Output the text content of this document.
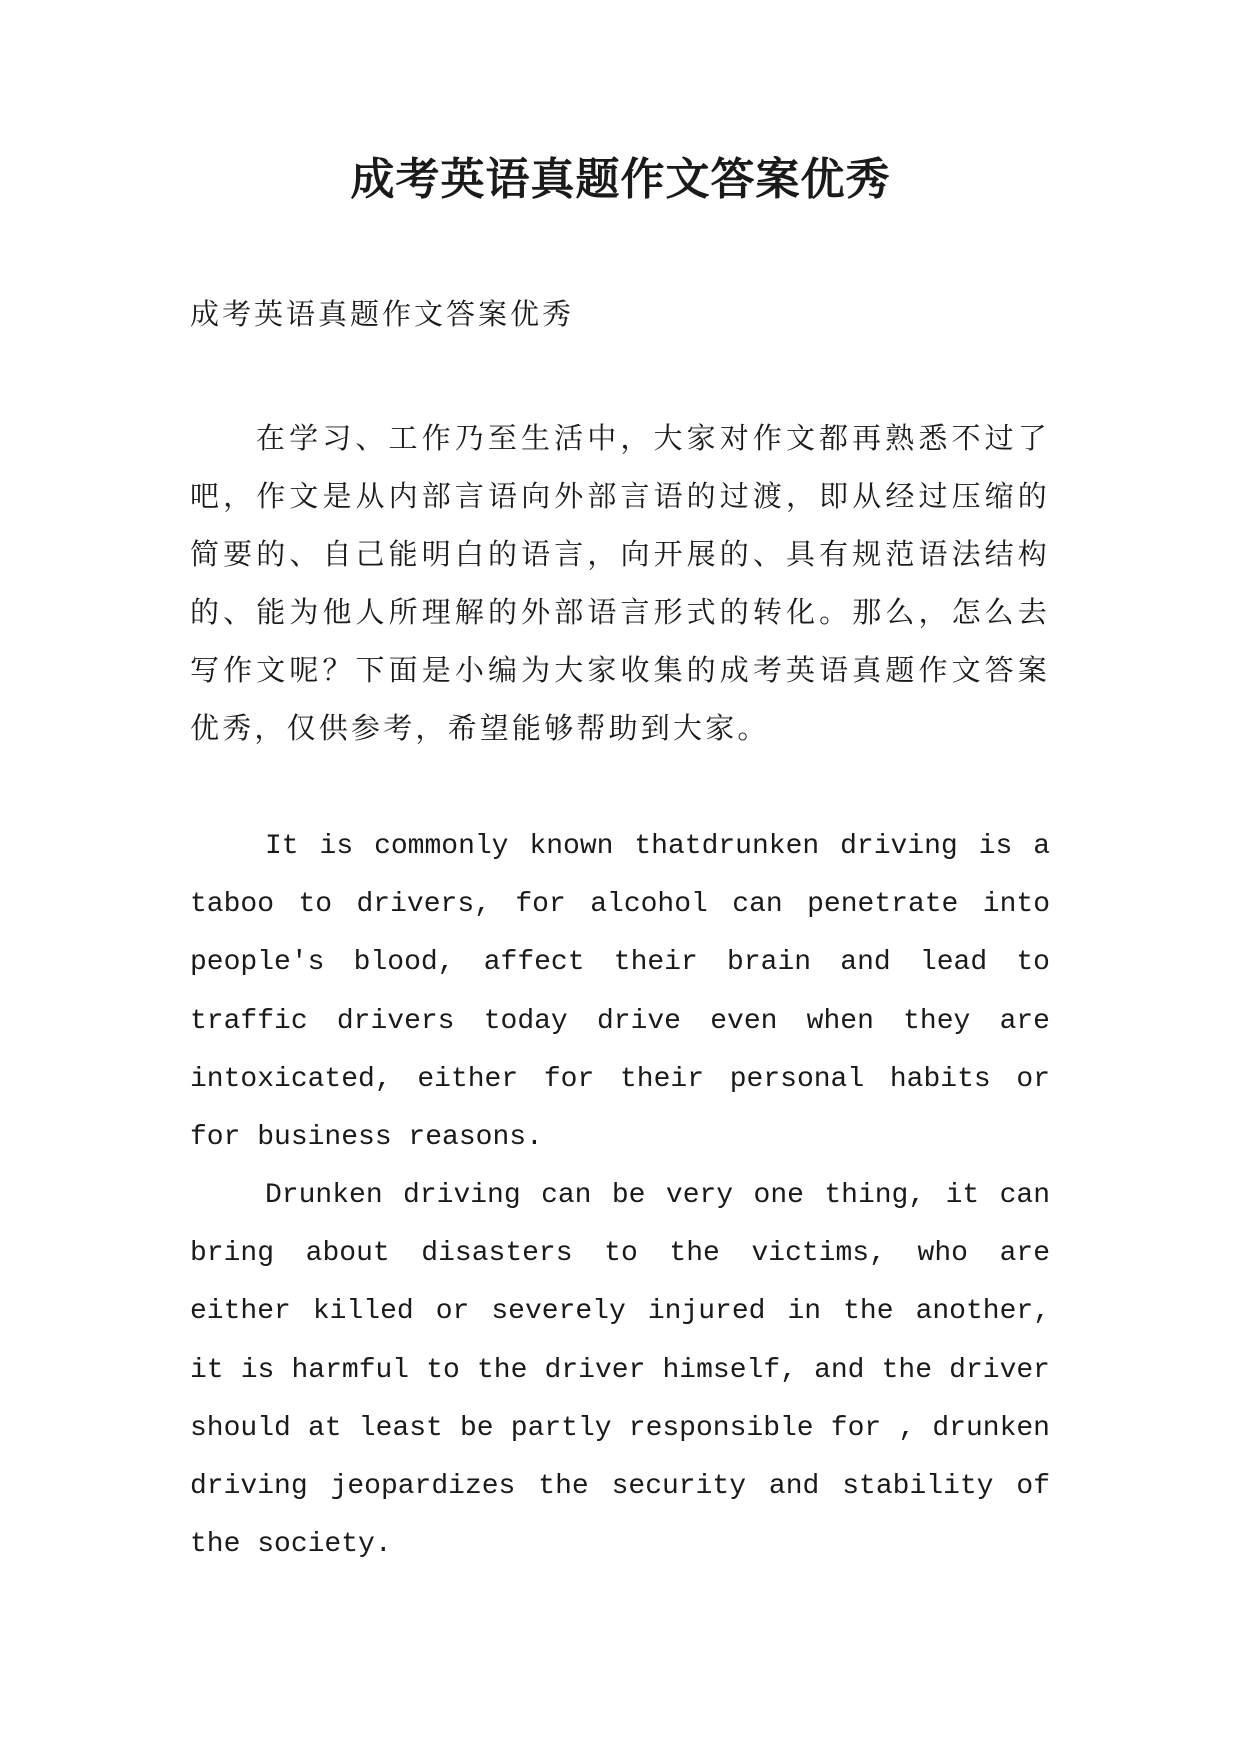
成考英语真题作文答案优秀

成考英语真题作文答案优秀

在学习、工作乃至生活中，大家对作文都再熟悉不过了吧，作文是从内部言语向外部言语的过渡，即从经过压缩的简要的、自己能明白的语言，向开展的、具有规范语法结构的、能为他人所理解的外部语言形式的转化。那么，怎么去写作文呢？下面是小编为大家收集的成考英语真题作文答案优秀，仅供参考，希望能够帮助到大家。

It is commonly known thatdrunken driving is a taboo to drivers, for alcohol can penetrate into people's blood, affect their brain and lead to traffic drivers today drive even when they are intoxicated, either for their personal habits or for business reasons.

Drunken driving can be very one thing, it can bring about disasters to the victims, who are either killed or severely injured in the another, it is harmful to the driver himself, and the driver should at least be partly responsible for , drunken driving jeopardizes the security and stability of the society.
